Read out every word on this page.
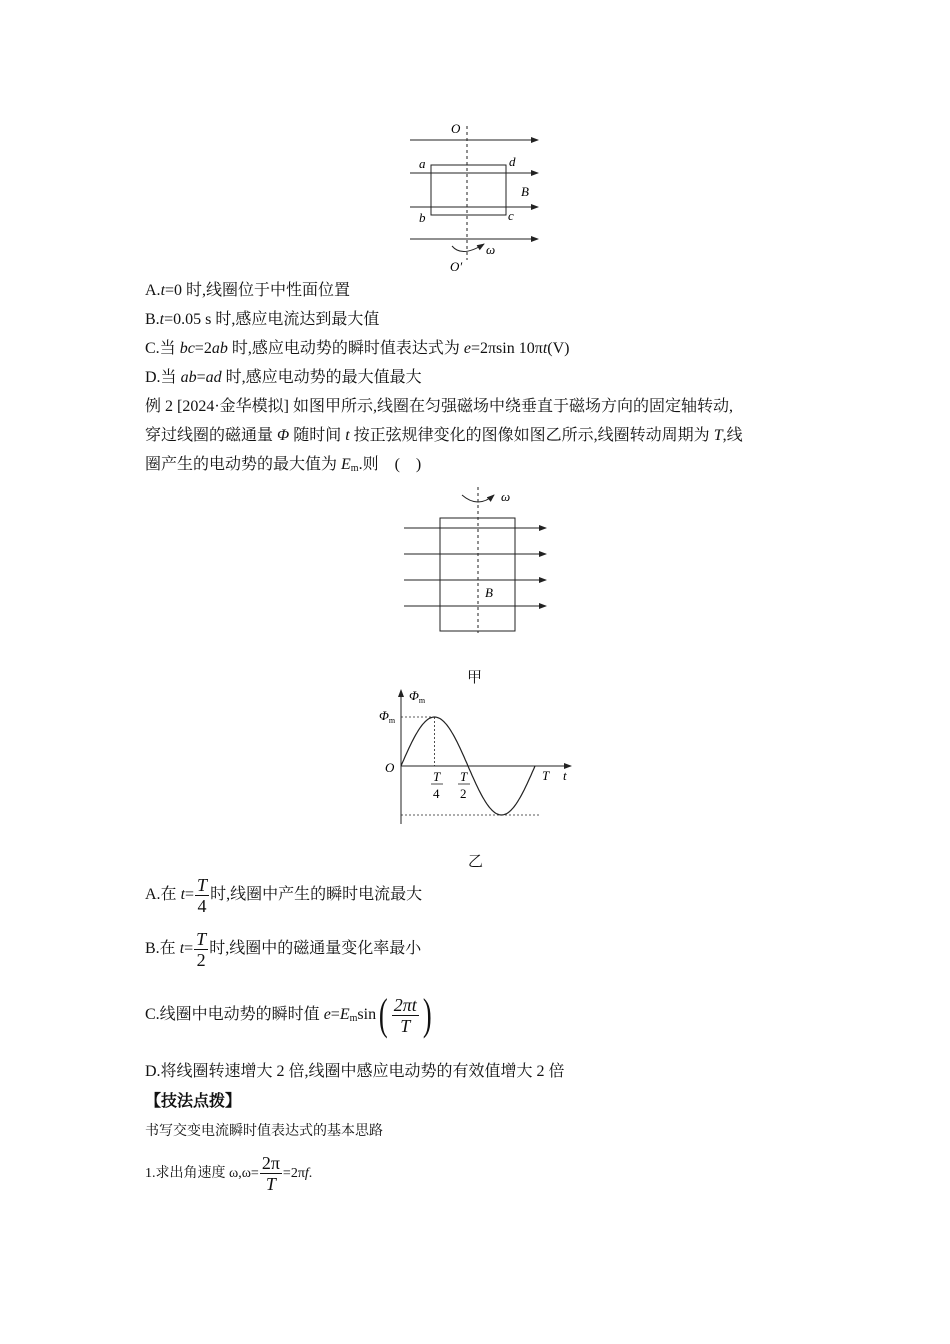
O
a	d
B
b	c
ω
O′
A.t=0 时,线圈位于中性面位置
B.t=0.05 s 时,感应电流达到最大值
C.当 bc=2ab 时,感应电动势的瞬时值表达式为 e=2πsin 10πt(V)
D.当 ab=ad 时,感应电动势的最大值最大
例 2 [2024·金华模拟] 如图甲所示,线圈在匀强磁场中绕垂直于磁场方向的固定轴转动,
穿过线圈的磁通量 Φ 随时间 t 按正弦规律变化的图像如图乙所示,线圈转动周期为 T,线
圈产生的电动势的最大值为 $E_m$.则　(　)
ω
B
甲
$\Phi_m$
$\Phi_m$
O
T
4
T
2
T t
乙
A.在 $t= \frac{T}{4}$ 时,线圈中产生的瞬时电流最大
B.在 $t= \frac{T}{2}$ 时,线圈中的磁通量变化率最小
C.线圈中电动势的瞬时值 $e=E_m\sin( \frac{2\pi t}{T}$ )
D.将线圈转速增大 2 倍,线圈中感应电动势的有效值增大 2 倍
【技法点拨】
书写交变电流瞬时值表达式的基本思路
1.求出角速度 $\omega,\omega= \frac{2\pi}{T} =2\pi f$.
